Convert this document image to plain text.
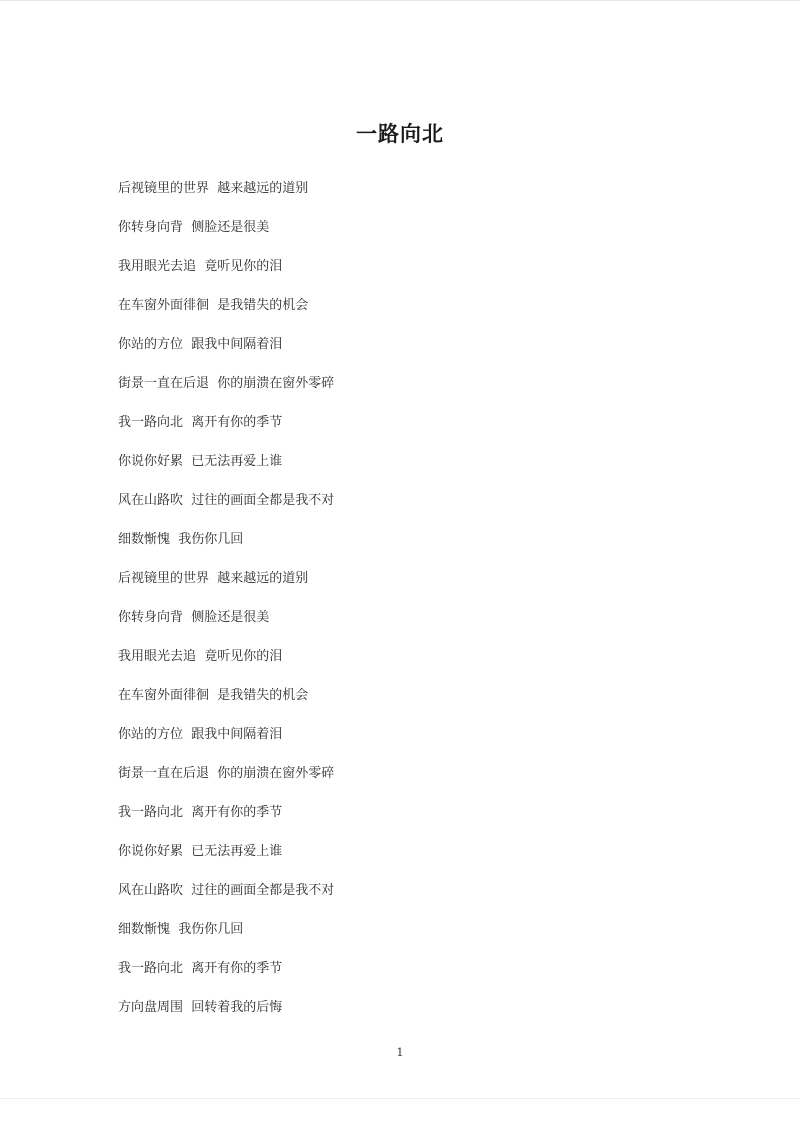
一路向北

后视镜里的世界  越来越远的道别

你转身向背  侧脸还是很美

我用眼光去追  竟听见你的泪

在车窗外面徘徊  是我错失的机会

你站的方位  跟我中间隔着泪

街景一直在后退  你的崩溃在窗外零碎

我一路向北  离开有你的季节

你说你好累  已无法再爱上谁

风在山路吹  过往的画面全都是我不对

细数惭愧  我伤你几回

后视镜里的世界  越来越远的道别

你转身向背  侧脸还是很美

我用眼光去追  竟听见你的泪

在车窗外面徘徊  是我错失的机会

你站的方位  跟我中间隔着泪

街景一直在后退  你的崩溃在窗外零碎

我一路向北  离开有你的季节

你说你好累  已无法再爱上谁

风在山路吹  过往的画面全都是我不对

细数惭愧  我伤你几回

我一路向北  离开有你的季节

方向盘周围  回转着我的后悔

1
